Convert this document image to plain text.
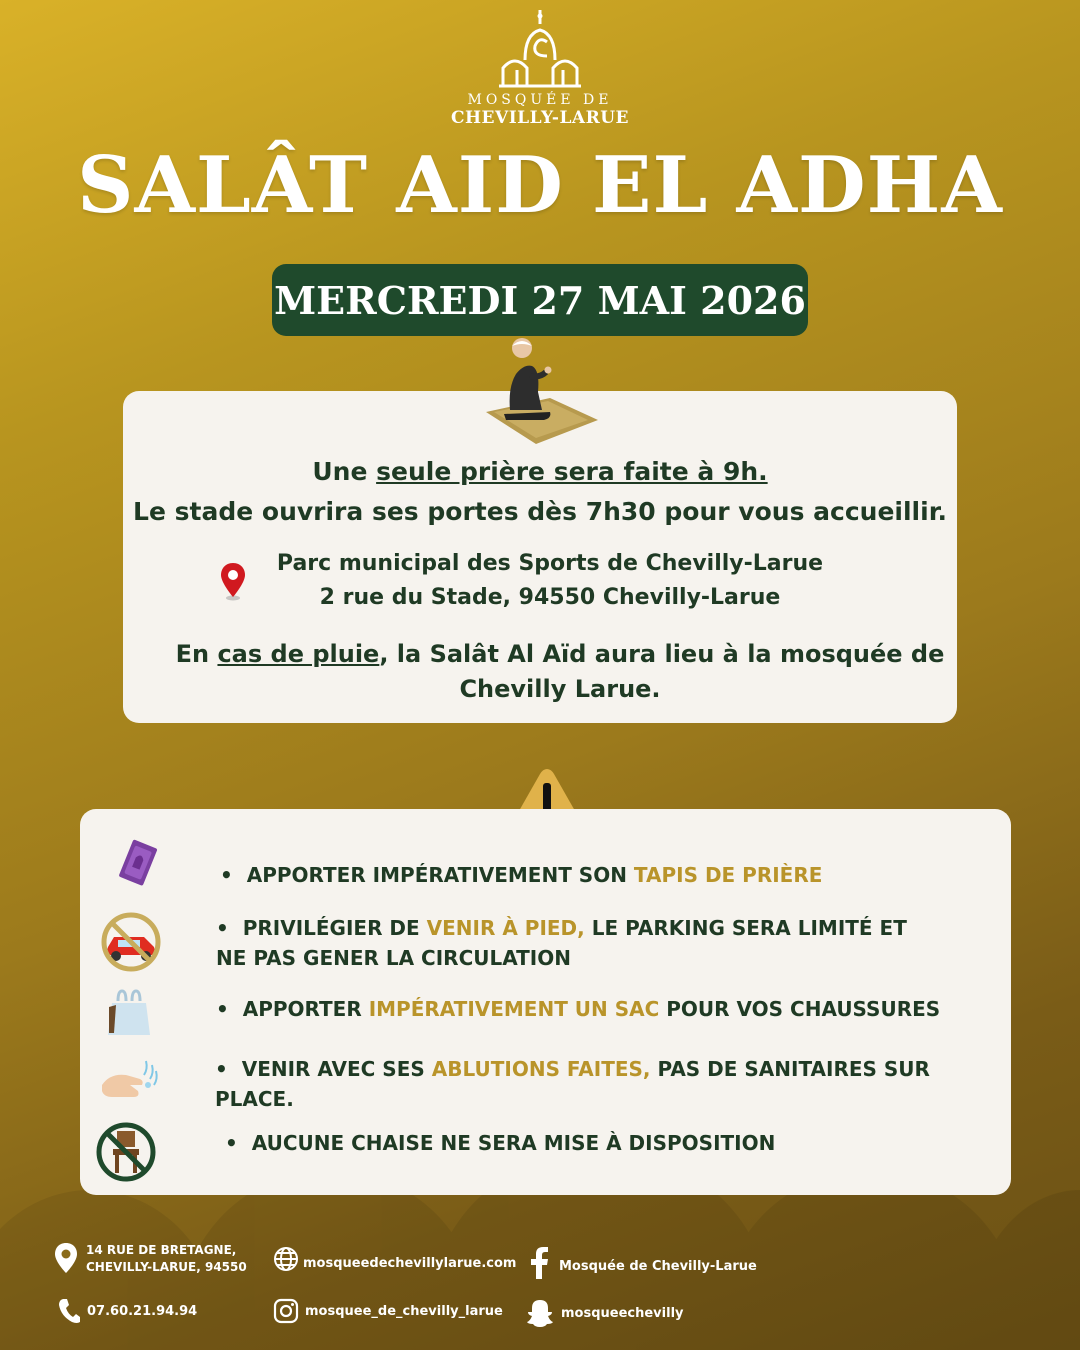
MOSQUÉE DE
CHEVILLY-LARUE
SALÂT AID EL ADHA
MERCREDI 27 MAI 2026
Une seule prière sera faite à 9h.
Le stade ouvrira ses portes dès 7h30 pour vous accueillir.
Parc municipal des Sports de Chevilly-Larue
2 rue du Stade, 94550 Chevilly-Larue
En cas de pluie, la Salât Al Aïd aura lieu à la mosquée de Chevilly Larue.
•  APPORTER IMPÉRATIVEMENT SON TAPIS DE PRIÈRE
•  PRIVILÉGIER DE VENIR À PIED, LE PARKING SERA LIMITÉ ET NE PAS GENER LA CIRCULATION
•  APPORTER IMPÉRATIVEMENT UN SAC POUR VOS CHAUSSURES
•  VENIR AVEC SES ABLUTIONS FAITES, PAS DE SANITAIRES SUR PLACE.
•  AUCUNE CHAISE NE SERA MISE À DISPOSITION
14 RUE DE BRETAGNE,
CHEVILLY-LARUE, 94550
07.60.21.94.94
mosqueedechevillylarue.com
mosquee_de_chevilly_larue
Mosquée de Chevilly-Larue
mosqueechevilly
